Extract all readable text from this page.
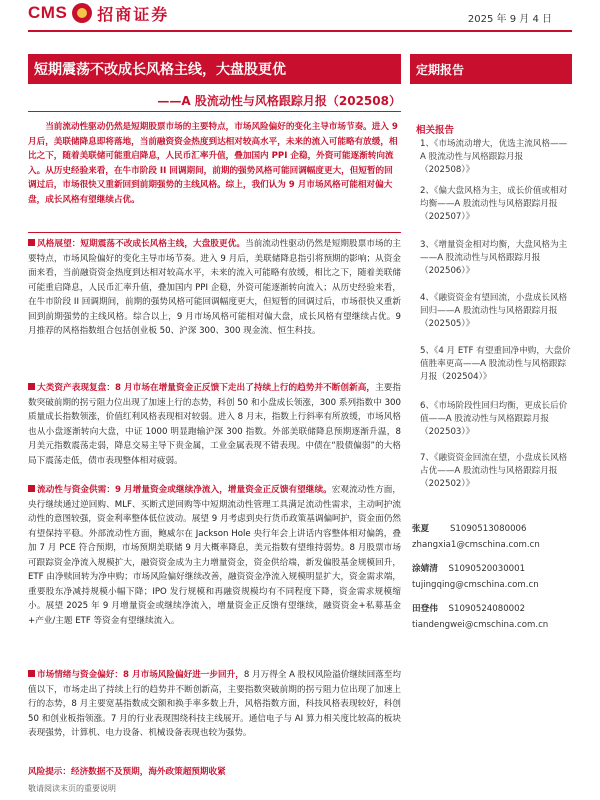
CMS 招商证券	2025 年 9 月 4 日
短期震荡不改成长风格主线，大盘股更优
——A 股流动性与风格跟踪月报（202508）
定期报告
相关报告
1、《市场流动增大，优选主流风格——A 股流动性与风格跟踪月报（202508）》
2、《偏大盘风格为主，成长价值或相对均衡——A 股流动性与风格跟踪月报（202507）》
3、《增量资金相对均衡，大盘风格为主——A 股流动性与风格跟踪月报（202506）》
4、《融资资金有望回流，小盘成长风格回归——A 股流动性与风格跟踪月报（202505）》
5、《4 月 ETF 有望重回净申购，大盘价值胜率更高——A 股流动性与风格跟踪月报（202504）》
6、《市场阶段性回归均衡，更成长后价值——A 股流动性与风格跟踪月报（202503）》
7、《融资资金回流在望，小盘成长风格占优——A 股流动性与风格跟踪月报（202502）》
张夏 S1090513080006
zhangxia1@cmschina.com.cn
涂婧清 S1090520030001
tujingqing@cmschina.com.cn
田登伟 S1090524080002
tiandengwei@cmschina.com.cn
当前流动性驱动仍然是短期股票市场的主要特点，市场风险偏好的变化主导市场节奏。进入 9 月后，美联储降息即将落地，当前融资资金热度到达相对较高水平，未来的流入可能略有放缓，相比之下，随着美联储可能重启降息，人民币汇率升值，叠加国内 PPI 企稳，外资可能逐渐转向流入。从历史经验来看，在牛市阶段 II 回调期间，前期的强势风格可能回调幅度更大，但短暂的回调过后，市场很快又重新回到前期强势的主线风格。综上，我们认为 9 月市场风格可能相对偏大盘，成长风格有望继续占优。
风格展望：短期震荡不改成长风格主线，大盘股更优。当前流动性驱动仍然是短期股票市场的主要特点，市场风险偏好的变化主导市场节奏。进入 9 月后，美联储降息指引将预期的影响；从资金面来看，当前融资资金热度到达相对较高水平，未来的流入可能略有放缓，相比之下，随着美联储可能重启降息，人民币汇率升值，叠加国内 PPI 企稳，外资可能逐渐转向流入；从历史经验来看，在牛市阶段 II 回调期间，前期的强势风格可能回调幅度更大，但短暂的回调过后，市场很快又重新回到前期强势的主线风格。综合以上，9 月市场风格可能相对偏大盘，成长风格有望继续占优。9 月推荐的风格指数组合包括创业板 50、沪深 300、300 现金流、恒生科技。
大类资产表现复盘：8 月市场在增量资金正反馈下走出了持续上行的趋势并不断创新高，主要指数突破前期的拐亏阻力位出现了加速上行的态势，科创 50 和小盘成长领涨，300 系列指数中 300 质量成长指数领涨，价值红利风格表现相对较弱。进入 8 月末，指数上行斜率有所放缓，市场风格也从小盘逐渐转向大盘，中证 1000 明显跑输沪深 300 指数。外部美联储降息预期逐渐升温，8 月美元指数震荡走弱，降息交易主导下贵金属，工业金属表现不错表现。中债在“股债偏弱”的大格局下震荡走低，债市表现整体相对疲弱。
流动性与资金供需：9 月增量资金或继续净流入，增量资金正反馈有望继续。宏观流动性方面，央行继续通过逆回购、MLF、买断式逆回购等中短期流动性管理工具满足流动性需求，主动呵护流动性的意图较强，资金利率整体低位波动。展望 9 月考虑到央行货币政策基调偏呵护，资金面仍然有望保持平稳。外部流动性方面，鲍威尔在 Jackson Hole 央行年会上讲话内容整体相对偏鸽，叠加 7 月 PCE 符合预期，市场预期美联储 9 月大概率降息，美元指数有望维持弱势。8 月股票市场可跟踪资金净流入规模扩大，融资资金成为主力增量资金，资金供给端，新发偏股基金规模回升，ETF 由净赎回转为净申购；市场风险偏好继续改善，融资资金净流入规模明显扩大，资金需求端，重要股东净减持规模小幅下降；IPO 发行规模和再融资规模均有不同程度下降，资金需求规模缩小。展望 2025 年 9 月增量资金或继续净流入，增量资金正反馈有望继续，融资资金+私募基金+产业/主题 ETF 等资金有望继续流入。
市场情绪与资金偏好：8 月市场风险偏好进一步回升，8 月万得全 A 股权风险溢价继续回落至均值以下，市场走出了持续上行的趋势并不断创新高，主要指数突破前期的拐亏阻力位出现了加速上行的态势，8 月主要宽基指数成交额和换手率多数上升，风格指数方面，科技风格表现较好，科创 50 和创业板指领涨。7 月的行业表现围绕科技主线展开。通信电子与 AI 算力相关度比较高的板块表现强势，计算机、电力设备、机械设备表现也较为强势。
风险提示：经济数据不及预期，海外政策超预期收紧
敬请阅读末页的重要说明
